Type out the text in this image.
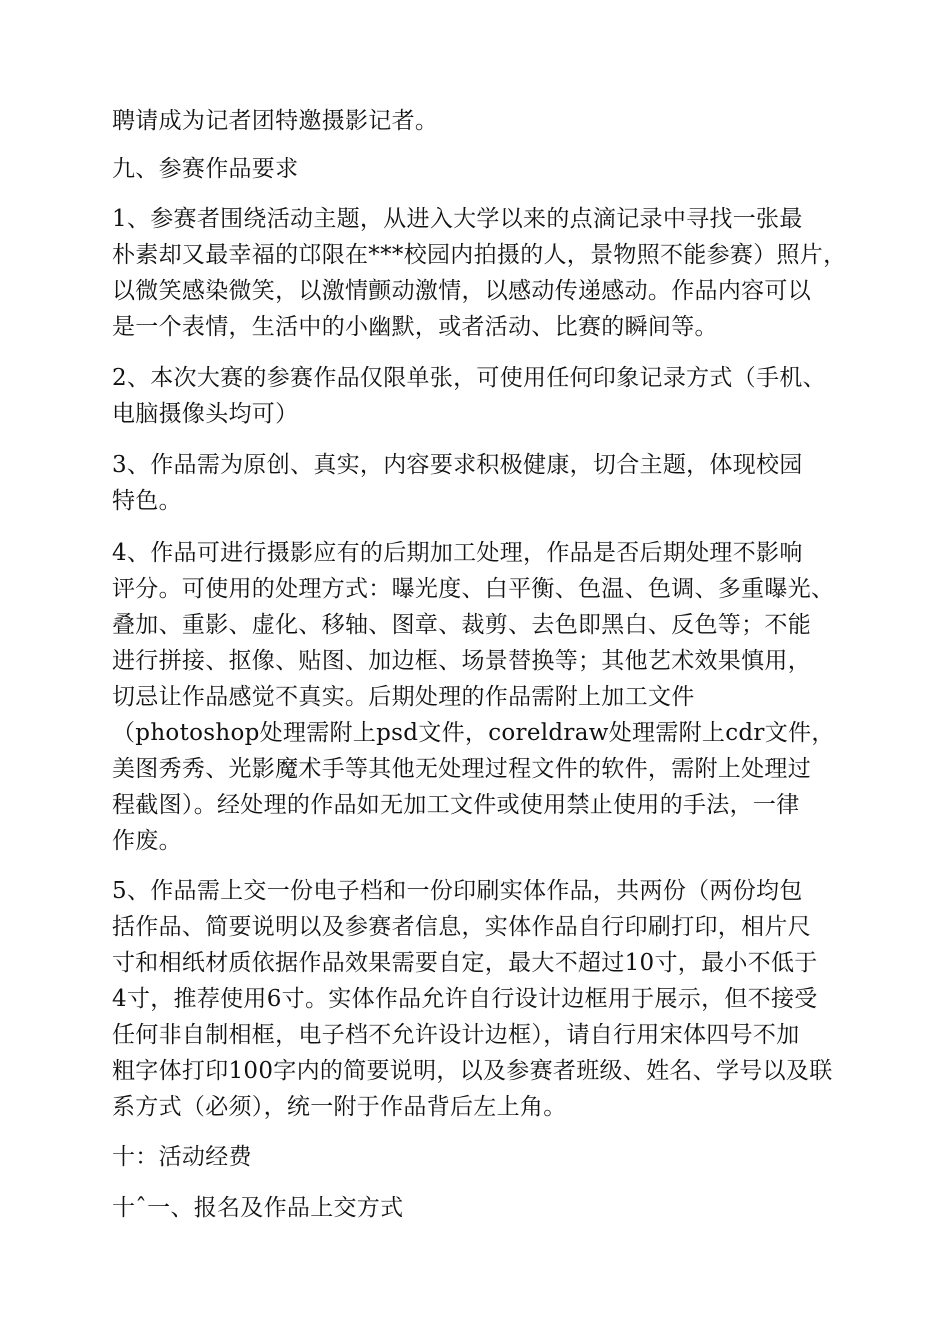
聘请成为记者团特邀摄影记者。

九、参赛作品要求

1、参赛者围绕活动主题，从进入大学以来的点滴记录中寻找一张最
朴素却又最幸福的邙限在***校园内拍摄的人，景物照不能参赛）照片，
以微笑感染微笑，以激情颤动激情，以感动传递感动。作品内容可以
是一个表情，生活中的小幽默，或者活动、比赛的瞬间等。

2、本次大赛的参赛作品仅限单张，可使用任何印象记录方式（手机、
电脑摄像头均可）

3、作品需为原创、真实，内容要求积极健康，切合主题，体现校园
特色。

4、作品可进行摄影应有的后期加工处理，作品是否后期处理不影响
评分。可使用的处理方式：曝光度、白平衡、色温、色调、多重曝光、
叠加、重影、虚化、移轴、图章、裁剪、去色即黑白、反色等；不能
进行拼接、抠像、贴图、加边框、场景替换等；其他艺术效果慎用，
切忌让作品感觉不真实。后期处理的作品需附上加工文件
（photoshop处理需附上psd文件，coreldraw处理需附上cdr文件，
美图秀秀、光影魔术手等其他无处理过程文件的软件，需附上处理过
程截图）。经处理的作品如无加工文件或使用禁止使用的手法，一律
作废。

5、作品需上交一份电子档和一份印刷实体作品，共两份（两份均包
括作品、简要说明以及参赛者信息，实体作品自行印刷打印，相片尺
寸和相纸材质依据作品效果需要自定，最大不超过10寸，最小不低于
4寸，推荐使用6寸。实体作品允许自行设计边框用于展示，但不接受
任何非自制相框，电子档不允许设计边框），请自行用宋体四号不加
粗字体打印100字内的简要说明，以及参赛者班级、姓名、学号以及联
系方式（必须），统一附于作品背后左上角。

十：活动经费

十ˆ一、报名及作品上交方式
